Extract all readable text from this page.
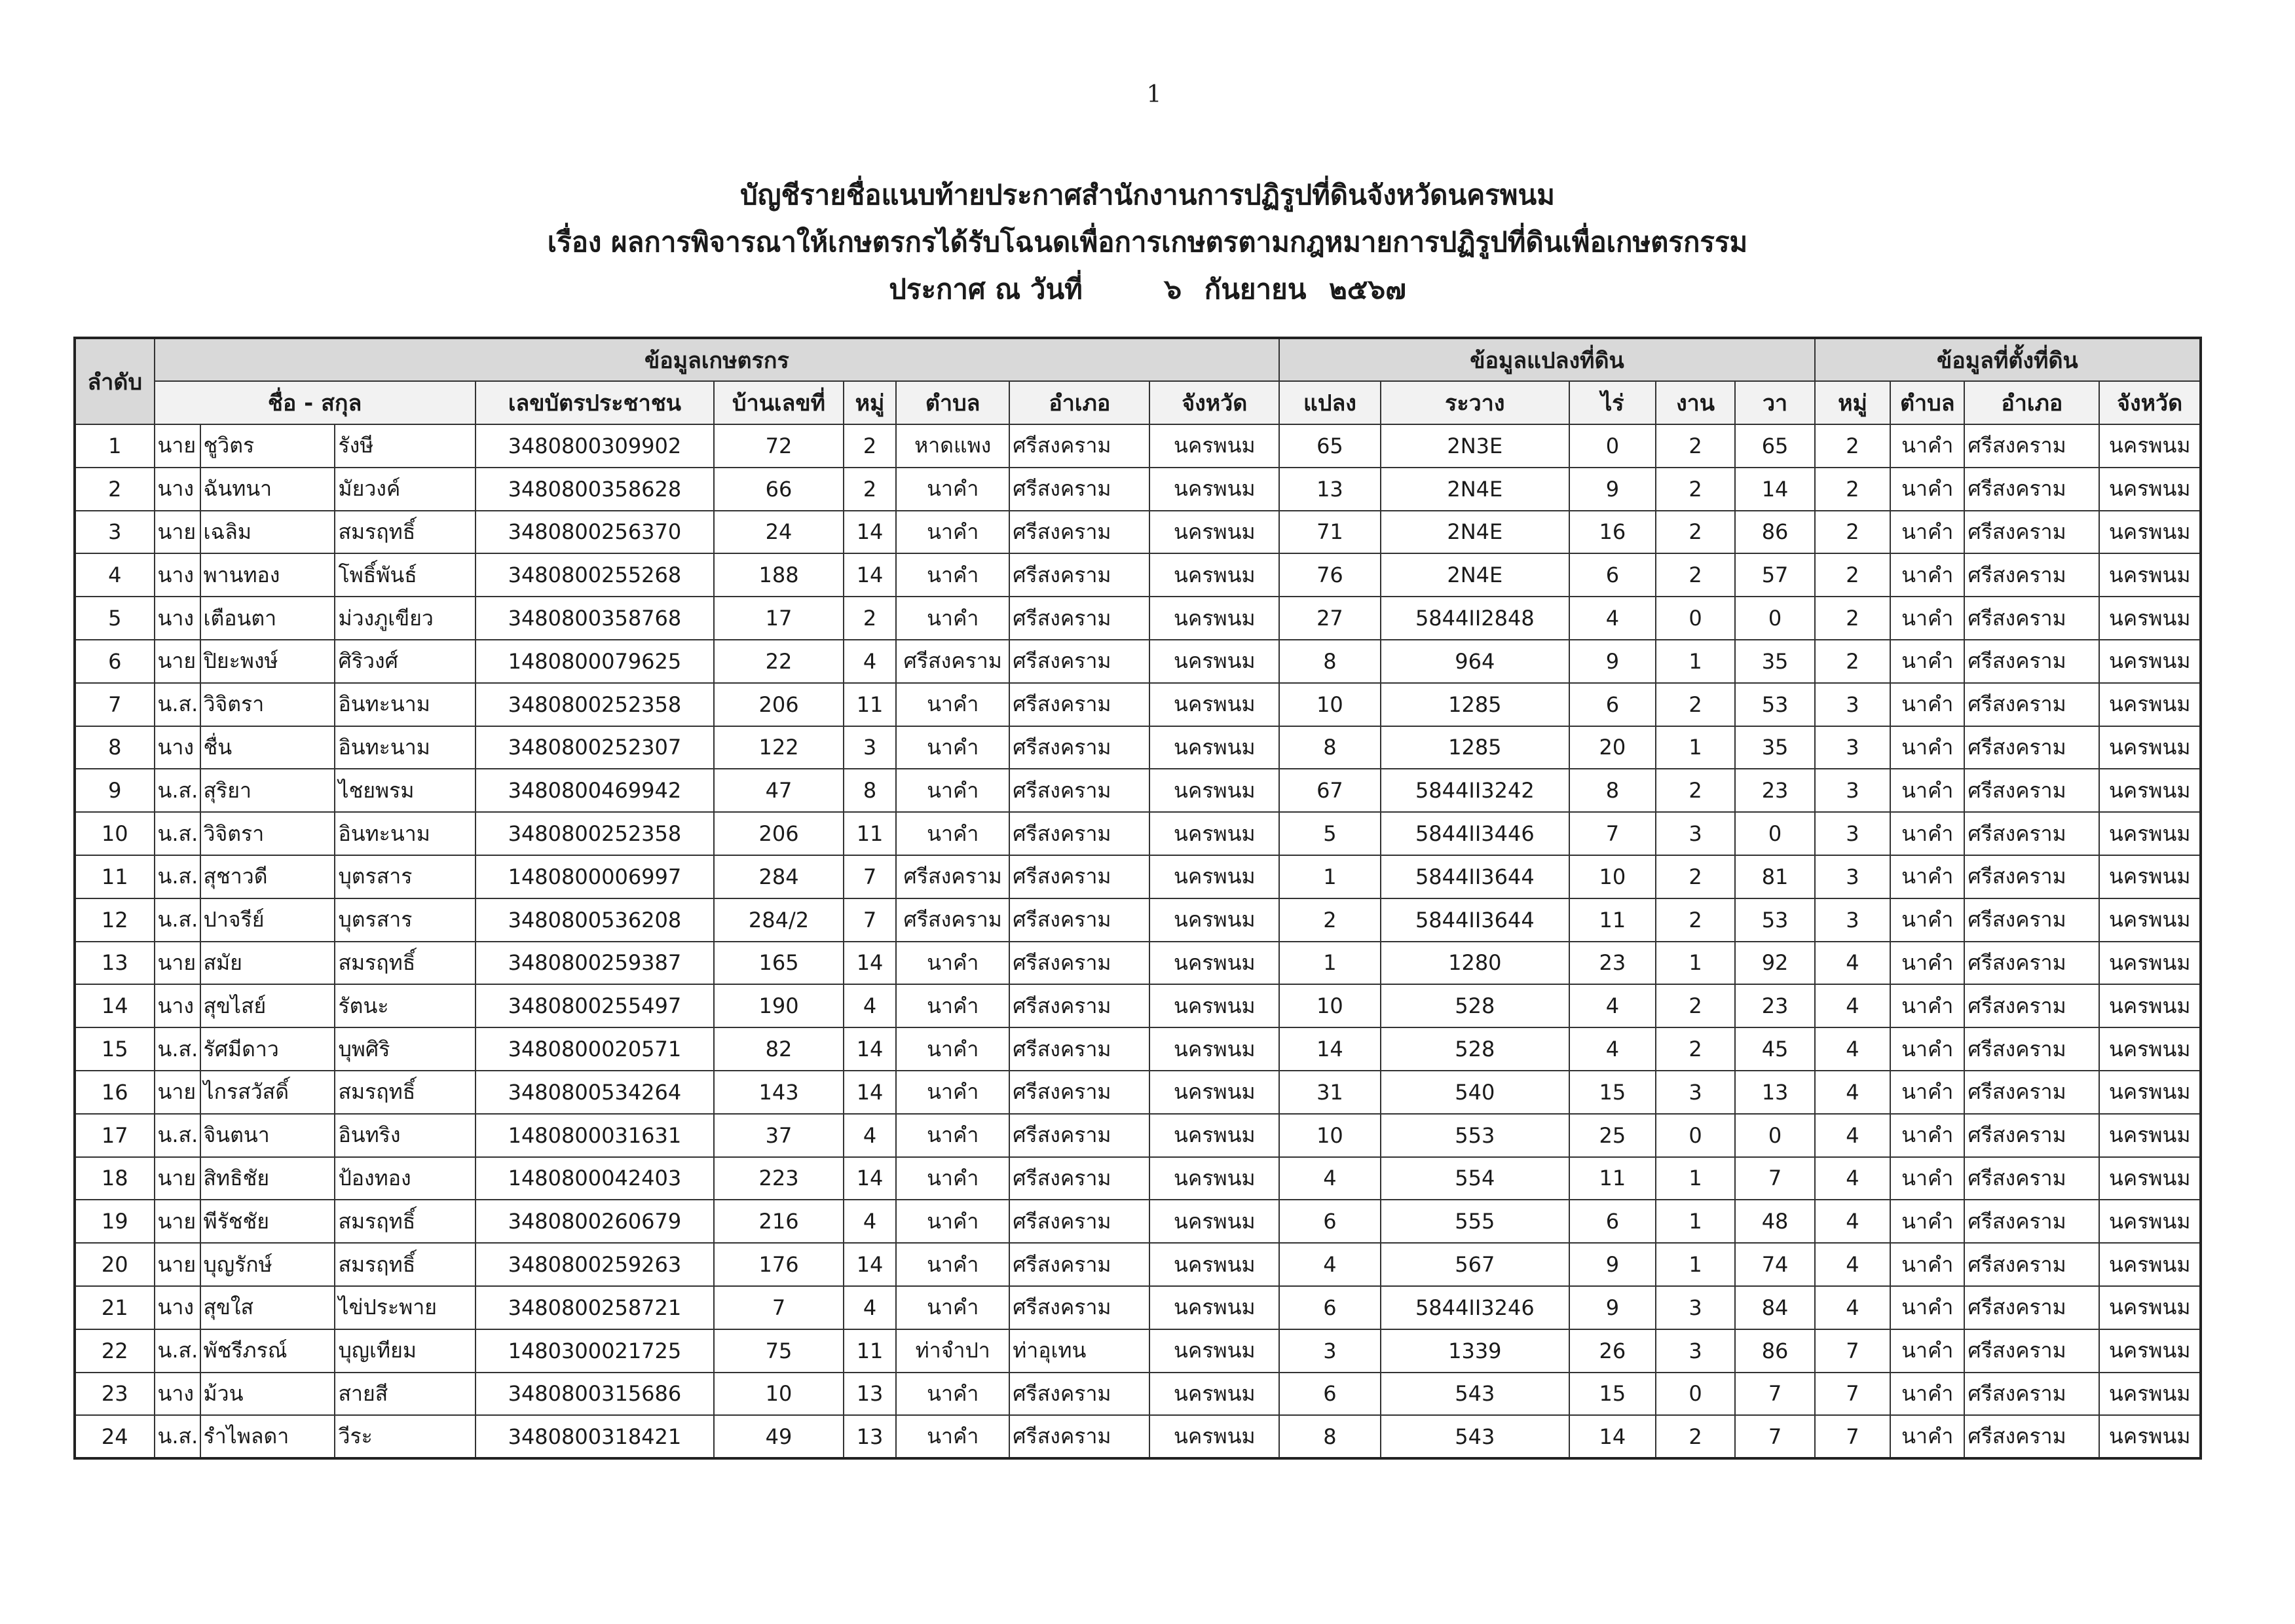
1
บัญชีรายชื่อแนบท้ายประกาศสำนักงานการปฏิรูปที่ดินจังหวัดนครพนม
เรื่อง ผลการพิจารณาให้เกษตรกรได้รับโฉนดเพื่อการเกษตรตามกฎหมายการปฏิรูปที่ดินเพื่อเกษตรกรรม
ประกาศ ณ วันที่	๖ กันยายน ๒๕๖๗
ลำดับ	ข้อมูลเกษตรกร									ข้อมูลแปลงที่ดิน					ข้อมูลที่ตั้งที่ดิน			
	ชื่อ - สกุล			เลขบัตรประชาชน	บ้านเลขที่	หมู่	ตำบล	อำเภอ	จังหวัด	แปลง	ระวาง	ไร่	งาน	วา	หมู่	ตำบล	อำเภอ	จังหวัด
1	นาย	ชูวิตร	รังษี	3480800309902	72	2	หาดแพง	ศรีสงคราม	นครพนม	65	2N3E	0	2	65	2	นาคำ	ศรีสงคราม	นครพนม
2	นาง	ฉันทนา	มัยวงค์	3480800358628	66	2	นาคำ	ศรีสงคราม	นครพนม	13	2N4E	9	2	14	2	นาคำ	ศรีสงคราม	นครพนม
3	นาย	เฉลิม	สมรฤทธิ์	3480800256370	24	14	นาคำ	ศรีสงคราม	นครพนม	71	2N4E	16	2	86	2	นาคำ	ศรีสงคราม	นครพนม
4	นาง	พานทอง	โพธิ์พันธ์	3480800255268	188	14	นาคำ	ศรีสงคราม	นครพนม	76	2N4E	6	2	57	2	นาคำ	ศรีสงคราม	นครพนม
5	นาง	เตือนตา	ม่วงภูเขียว	3480800358768	17	2	นาคำ	ศรีสงคราม	นครพนม	27	5844II2848	4	0	0	2	นาคำ	ศรีสงคราม	นครพนม
6	นาย	ปิยะพงษ์	ศิริวงศ์	1480800079625	22	4	ศรีสงคราม	ศรีสงคราม	นครพนม	8	964	9	1	35	2	นาคำ	ศรีสงคราม	นครพนม
7	น.ส.	วิจิตรา	อินทะนาม	3480800252358	206	11	นาคำ	ศรีสงคราม	นครพนม	10	1285	6	2	53	3	นาคำ	ศรีสงคราม	นครพนม
8	นาง	ชื่น	อินทะนาม	3480800252307	122	3	นาคำ	ศรีสงคราม	นครพนม	8	1285	20	1	35	3	นาคำ	ศรีสงคราม	นครพนม
9	น.ส.	สุริยา	ไชยพรม	3480800469942	47	8	นาคำ	ศรีสงคราม	นครพนม	67	5844II3242	8	2	23	3	นาคำ	ศรีสงคราม	นครพนม
10	น.ส.	วิจิตรา	อินทะนาม	3480800252358	206	11	นาคำ	ศรีสงคราม	นครพนม	5	5844II3446	7	3	0	3	นาคำ	ศรีสงคราม	นครพนม
11	น.ส.	สุชาวดี	บุตรสาร	1480800006997	284	7	ศรีสงคราม	ศรีสงคราม	นครพนม	1	5844II3644	10	2	81	3	นาคำ	ศรีสงคราม	นครพนม
12	น.ส.	ปาจรีย์	บุตรสาร	3480800536208	284/2	7	ศรีสงคราม	ศรีสงคราม	นครพนม	2	5844II3644	11	2	53	3	นาคำ	ศรีสงคราม	นครพนม
13	นาย	สมัย	สมรฤทธิ์	3480800259387	165	14	นาคำ	ศรีสงคราม	นครพนม	1	1280	23	1	92	4	นาคำ	ศรีสงคราม	นครพนม
14	นาง	สุขไสย์	รัตนะ	3480800255497	190	4	นาคำ	ศรีสงคราม	นครพนม	10	528	4	2	23	4	นาคำ	ศรีสงคราม	นครพนม
15	น.ส.	รัศมีดาว	บุพศิริ	3480800020571	82	14	นาคำ	ศรีสงคราม	นครพนม	14	528	4	2	45	4	นาคำ	ศรีสงคราม	นครพนม
16	นาย	ไกรสวัสดิ์	สมรฤทธิ์	3480800534264	143	14	นาคำ	ศรีสงคราม	นครพนม	31	540	15	3	13	4	นาคำ	ศรีสงคราม	นครพนม
17	น.ส.	จินตนา	อินทริง	1480800031631	37	4	นาคำ	ศรีสงคราม	นครพนม	10	553	25	0	0	4	นาคำ	ศรีสงคราม	นครพนม
18	นาย	สิทธิชัย	ป้องทอง	1480800042403	223	14	นาคำ	ศรีสงคราม	นครพนม	4	554	11	1	7	4	นาคำ	ศรีสงคราม	นครพนม
19	นาย	พีรัชชัย	สมรฤทธิ์	3480800260679	216	4	นาคำ	ศรีสงคราม	นครพนม	6	555	6	1	48	4	นาคำ	ศรีสงคราม	นครพนม
20	นาย	บุญรักษ์	สมรฤทธิ์	3480800259263	176	14	นาคำ	ศรีสงคราม	นครพนม	4	567	9	1	74	4	นาคำ	ศรีสงคราม	นครพนม
21	นาง	สุขใส	ไข่ประพาย	3480800258721	7	4	นาคำ	ศรีสงคราม	นครพนม	6	5844II3246	9	3	84	4	นาคำ	ศรีสงคราม	นครพนม
22	น.ส.	พัชรีภรณ์	บุญเทียม	1480300021725	75	11	ท่าจำปา	ท่าอุเทน	นครพนม	3	1339	26	3	86	7	นาคำ	ศรีสงคราม	นครพนม
23	นาง	ม้วน	สายสี	3480800315686	10	13	นาคำ	ศรีสงคราม	นครพนม	6	543	15	0	7	7	นาคำ	ศรีสงคราม	นครพนม
24	น.ส.	รำไพลดา	วีระ	3480800318421	49	13	นาคำ	ศรีสงคราม	นครพนม	8	543	14	2	7	7	นาคำ	ศรีสงคราม	นครพนม
